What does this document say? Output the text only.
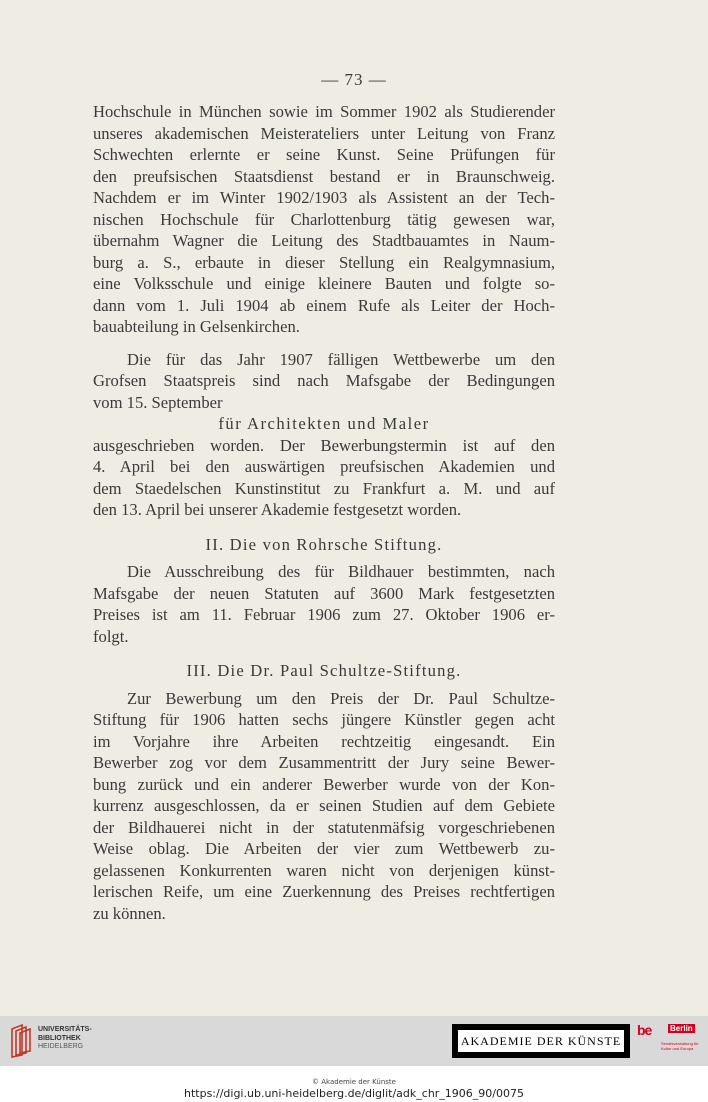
— 73 —
Hochschule in München sowie im Sommer 1902 als Studierender
unseres akademischen Meisterateliers unter Leitung von Franz
Schwechten erlernte er seine Kunst. Seine Prüfungen für
den preufsischen Staatsdienst bestand er in Braunschweig.
Nachdem er im Winter 1902/1903 als Assistent an der Tech-
nischen Hochschule für Charlottenburg tätig gewesen war,
übernahm Wagner die Leitung des Stadtbauamtes in Naum-
burg a. S., erbaute in dieser Stellung ein Realgymnasium,
eine Volksschule und einige kleinere Bauten und folgte so-
dann vom 1. Juli 1904 ab einem Rufe als Leiter der Hoch-
bauabteilung in Gelsenkirchen.
Die für das Jahr 1907 fälligen Wettbewerbe um den
Grofsen Staatspreis sind nach Mafsgabe der Bedingungen
vom 15. September
für Architekten und Maler
ausgeschrieben worden. Der Bewerbungstermin ist auf den
4. April bei den auswärtigen preufsischen Akademien und
dem Staedelschen Kunstinstitut zu Frankfurt a. M. und auf
den 13. April bei unserer Akademie festgesetzt worden.
II. Die von Rohrsche Stiftung.
Die Ausschreibung des für Bildhauer bestimmten, nach
Mafsgabe der neuen Statuten auf 3600 Mark festgesetzten
Preises ist am 11. Februar 1906 zum 27. Oktober 1906 er-
folgt.
III. Die Dr. Paul Schultze-Stiftung.
Zur Bewerbung um den Preis der Dr. Paul Schultze-
Stiftung für 1906 hatten sechs jüngere Künstler gegen acht
im Vorjahre ihre Arbeiten rechtzeitig eingesandt. Ein
Bewerber zog vor dem Zusammentritt der Jury seine Bewer-
bung zurück und ein anderer Bewerber wurde von der Kon-
kurrenz ausgeschlossen, da er seinen Studien auf dem Gebiete
der Bildhauerei nicht in der statutenmäfsig vorgeschriebenen
Weise oblag. Die Arbeiten der vier zum Wettbewerb zu-
gelassenen Konkurrenten waren nicht von derjenigen künst-
lerischen Reife, um eine Zuerkennung des Preises rechtfertigen
zu können.
UNIVERSITÄTS-
BIBLIOTHEK
HEIDELBERG	AKADEMIE DER KÜNSTE
be Berlin
Senatsverwaltung für Kultur und Europa
© Akademie der Künste
https://digi.ub.uni-heidelberg.de/diglit/adk_chr_1906_90/0075
